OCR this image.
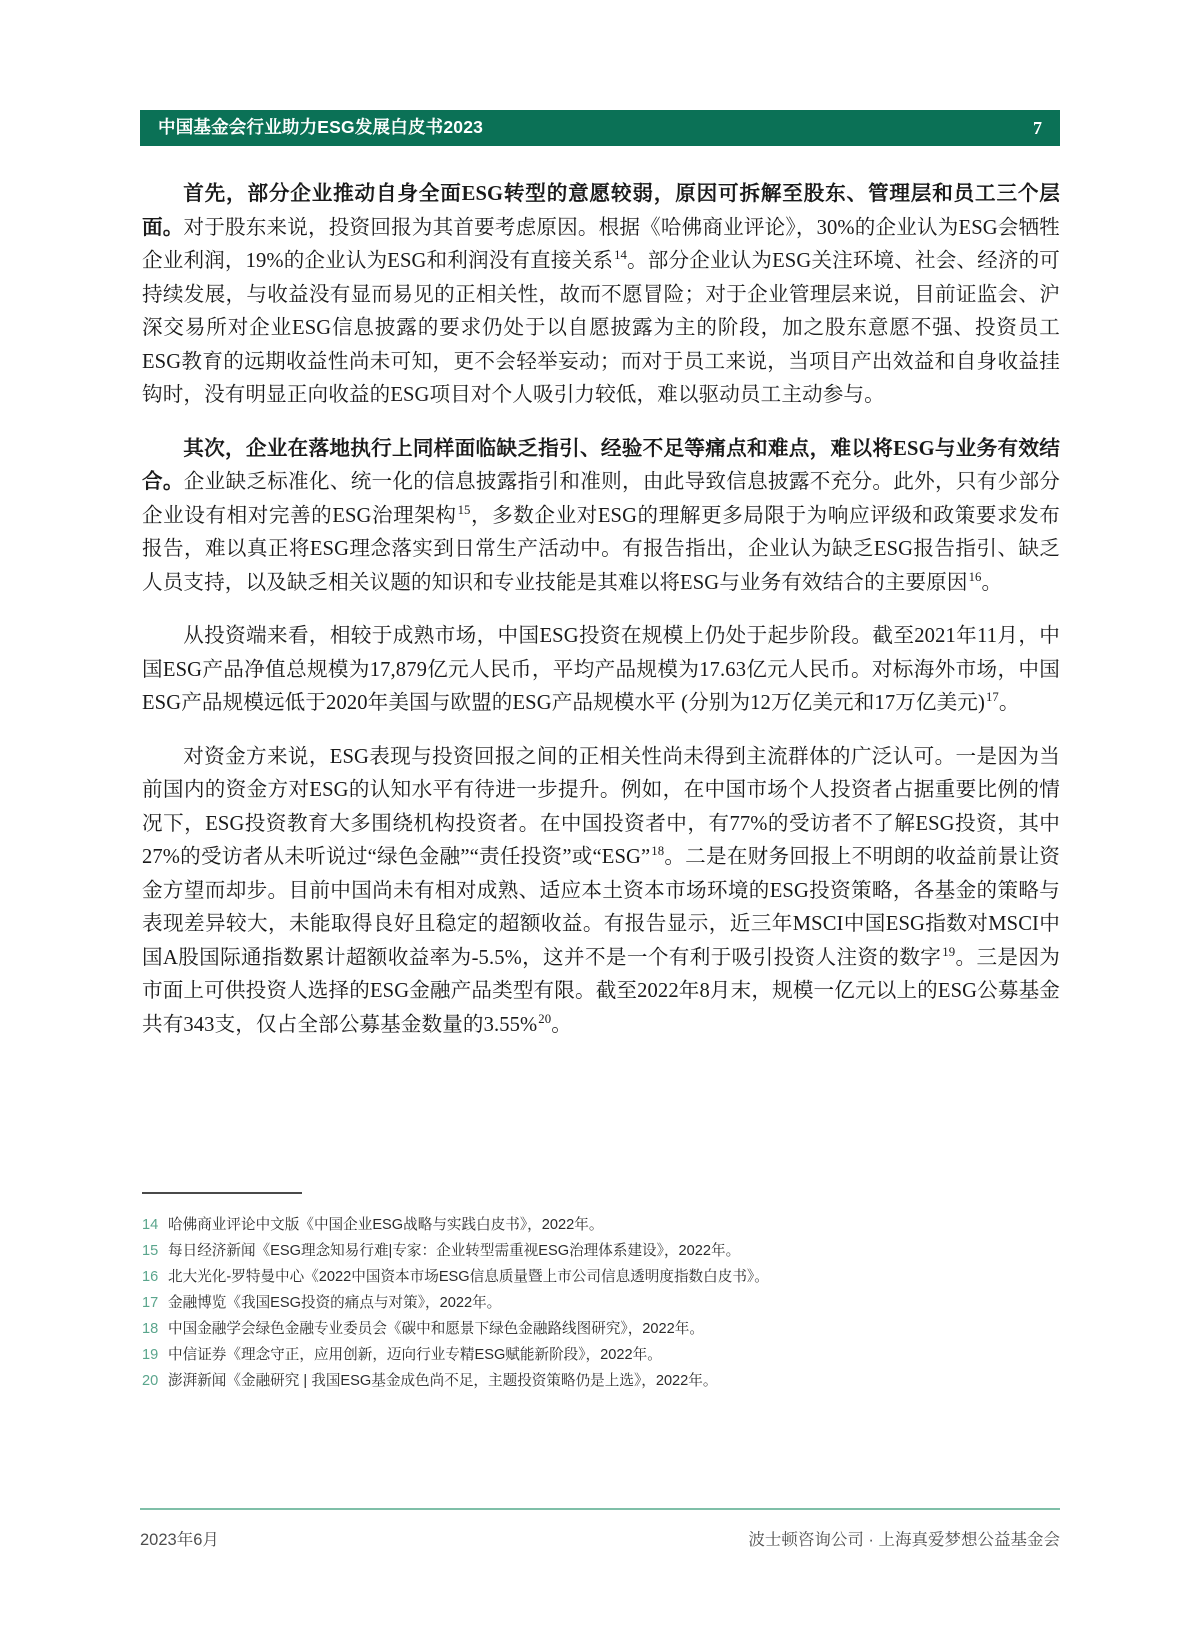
中国基金会行业助力ESG发展白皮书2023	7

首先，部分企业推动自身全面ESG转型的意愿较弱，原因可拆解至股东、管理层和员工三个层面。对于股东来说，投资回报为其首要考虑原因。根据《哈佛商业评论》，30%的企业认为ESG会牺牲企业利润，19%的企业认为ESG和利润没有直接关系$^{14}$。部分企业认为ESG关注环境、社会、经济的可持续发展，与收益没有显而易见的正相关性，故而不愿冒险；对于企业管理层来说，目前证监会、沪深交易所对企业ESG信息披露的要求仍处于以自愿披露为主的阶段，加之股东意愿不强、投资员工ESG教育的远期收益性尚未可知，更不会轻举妄动；而对于员工来说，当项目产出效益和自身收益挂钩时，没有明显正向收益的ESG项目对个人吸引力较低，难以驱动员工主动参与。

其次，企业在落地执行上同样面临缺乏指引、经验不足等痛点和难点，难以将ESG与业务有效结合。企业缺乏标准化、统一化的信息披露指引和准则，由此导致信息披露不充分。此外，只有少部分企业设有相对完善的ESG治理架构$^{15}$，多数企业对ESG的理解更多局限于为响应评级和政策要求发布报告，难以真正将ESG理念落实到日常生产活动中。有报告指出，企业认为缺乏ESG报告指引、缺乏人员支持，以及缺乏相关议题的知识和专业技能是其难以将ESG与业务有效结合的主要原因$^{16}$。

从投资端来看，相较于成熟市场，中国ESG投资在规模上仍处于起步阶段。截至2021年11月，中国ESG产品净值总规模为17,879亿元人民币，平均产品规模为17.63亿元人民币。对标海外市场，中国ESG产品规模远低于2020年美国与欧盟的ESG产品规模水平 (分别为12万亿美元和17万亿美元)$^{17}$。

对资金方来说，ESG表现与投资回报之间的正相关性尚未得到主流群体的广泛认可。一是因为当前国内的资金方对ESG的认知水平有待进一步提升。例如，在中国市场个人投资者占据重要比例的情况下，ESG投资教育大多围绕机构投资者。在中国投资者中，有77%的受访者不了解ESG投资，其中27%的受访者从未听说过“绿色金融”“责任投资”或“ESG”$^{18}$。二是在财务回报上不明朗的收益前景让资金方望而却步。目前中国尚未有相对成熟、适应本土资本市场环境的ESG投资策略，各基金的策略与表现差异较大，未能取得良好且稳定的超额收益。有报告显示，近三年MSCI中国ESG指数对MSCI中国A股国际通指数累计超额收益率为-5.5%，这并不是一个有利于吸引投资人注资的数字$^{19}$。三是因为市面上可供投资人选择的ESG金融产品类型有限。截至2022年8月末，规模一亿元以上的ESG公募基金共有343支，仅占全部公募基金数量的3.55%$^{20}$。

14 哈佛商业评论中文版《中国企业ESG战略与实践白皮书》，2022年。
15 每日经济新闻《ESG理念知易行难|专家：企业转型需重视ESG治理体系建设》，2022年。
16 北大光化-罗特曼中心《2022中国资本市场ESG信息质量暨上市公司信息透明度指数白皮书》。
17 金融博览《我国ESG投资的痛点与对策》，2022年。
18 中国金融学会绿色金融专业委员会《碳中和愿景下绿色金融路线图研究》，2022年。
19 中信证券《理念守正，应用创新，迈向行业专精ESG赋能新阶段》，2022年。
20 澎湃新闻《金融研究 | 我国ESG基金成色尚不足，主题投资策略仍是上选》，2022年。
2023年6月	波士顿咨询公司 · 上海真爱梦想公益基金会
